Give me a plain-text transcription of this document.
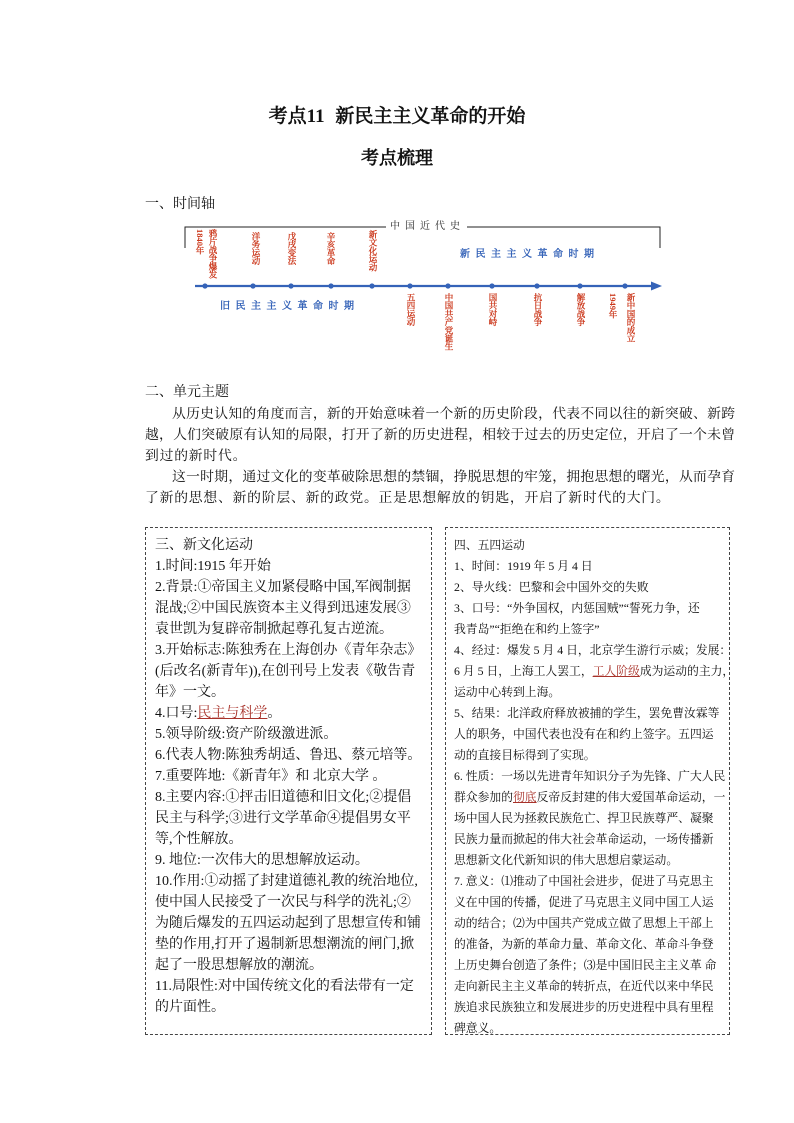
考点11 新民主主义革命的开始
考点梳理
一、时间轴
中国近代史
新民主主义革命时期
旧民主主义革命时期
1840年 鸦片战争爆发	洋务运动	戊戌变法	辛亥革命	新文化运动
五四运动	中国共产党诞生	国共对峙	抗日战争	解放战争	1949年 新中国的成立
二、单元主题
从历史认知的角度而言，新的开始意味着一个新的历史阶段，代表不同以往的新突破、新跨
越，人们突破原有认知的局限，打开了新的历史进程，相较于过去的历史定位，开启了一个未曾
到过的新时代。
这一时期，通过文化的变革破除思想的禁锢，挣脱思想的牢笼，拥抱思想的曙光，从而孕育
了新的思想、新的阶层、新的政党。正是思想解放的钥匙，开启了新时代的大门。
三、新文化运动
1.时间:1915 年开始
2.背景:①帝国主义加紧侵略中国,军阀制据
混战;②中国民族资本主义得到迅速发展③
袁世凯为复辟帝制掀起尊孔复古逆流。
3.开始标志:陈独秀在上海创办《青年杂志》
(后改名(新青年)),在创刊号上发表《敬告青
年》一文。
4.口号:民主与科学。
5.领导阶级:资产阶级激进派。
6.代表人物:陈独秀胡适、鲁迅、蔡元培等。
7.重要阵地:《新青年》和 北京大学 。
8.主要内容:①抨击旧道德和旧文化;②提倡
民主与科学;③进行文学革命④提倡男女平
等,个性解放。
9. 地位:一次伟大的思想解放运动。
10.作用:①动摇了封建道德礼教的统治地位,
使中国人民接受了一次民与科学的洗礼;②
为随后爆发的五四运动起到了思想宣传和铺
垫的作用,打开了遏制新思想潮流的闸门,掀
起了一股思想解放的潮流。
11.局限性:对中国传统文化的看法带有一定
的片面性。
四、五四运动
1、时间：1919 年 5 月 4 日
2、导火线：巴黎和会中国外交的失败
3、口号：“外争国权，内惩国贼”“誓死力争，还
我青岛”“拒绝在和约上签字”
4、经过：爆发 5 月 4 日，北京学生游行示威；发展：
6 月 5 日，上海工人罢工，工人阶级成为运动的主力，
运动中心转到上海。
5、结果：北洋政府释放被捕的学生，罢免曹汝霖等
人的职务，中国代表也没有在和约上签字。五四运
动的直接目标得到了实现。
6. 性质：一场以先进青年知识分子为先锋、广大人民
群众参加的彻底反帝反封建的伟大爱国革命运动，一
场中国人民为拯救民族危亡、捍卫民族尊严、凝聚
民族力量而掀起的伟大社会革命运动，一场传播新
思想新文化代新知识的伟大思想启蒙运动。
7. 意义：⑴推动了中国社会进步，促进了马克思主
义在中国的传播，促进了马克思主义同中国工人运
动的结合；⑵为中国共产党成立做了思想上干部上
的准备，为新的革命力量、革命文化、革命斗争登
上历史舞台创造了条件；⑶是中国旧民主主义革 命
走向新民主主义革命的转折点，在近代以来中华民
族追求民族独立和发展进步的历史进程中具有里程
碑意义。
